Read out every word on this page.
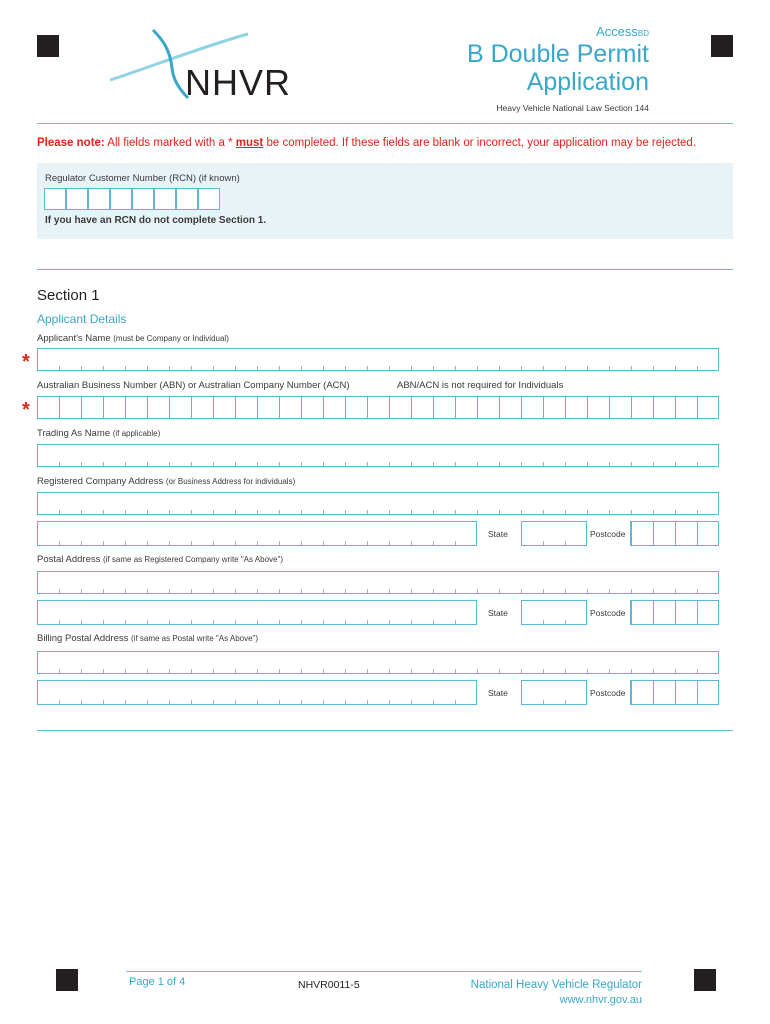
NHVR
AccessBD
B Double Permit
Application
Heavy Vehicle National Law Section 144
Please note: All fields marked with a * must be completed. If these fields are blank or incorrect, your application may be rejected.
Regulator Customer Number (RCN) (if known)
If you have an RCN do not complete Section 1.
Section 1
Applicant Details
Applicant's Name (must be Company or Individual)
*
Australian Business Number (ABN) or Australian Company Number (ACN)	ABN/ACN is not required for Individuals
*
Trading As Name (if applicable)
Registered Company Address (or Business Address for individuals)
State	Postcode
Postal Address (if same as Registered Company write "As Above")
State	Postcode
Billing Postal Address (if same as Postal write "As Above")
State	Postcode
Page 1 of 4	NHVR0011-5	National Heavy Vehicle Regulator
www.nhvr.gov.au
